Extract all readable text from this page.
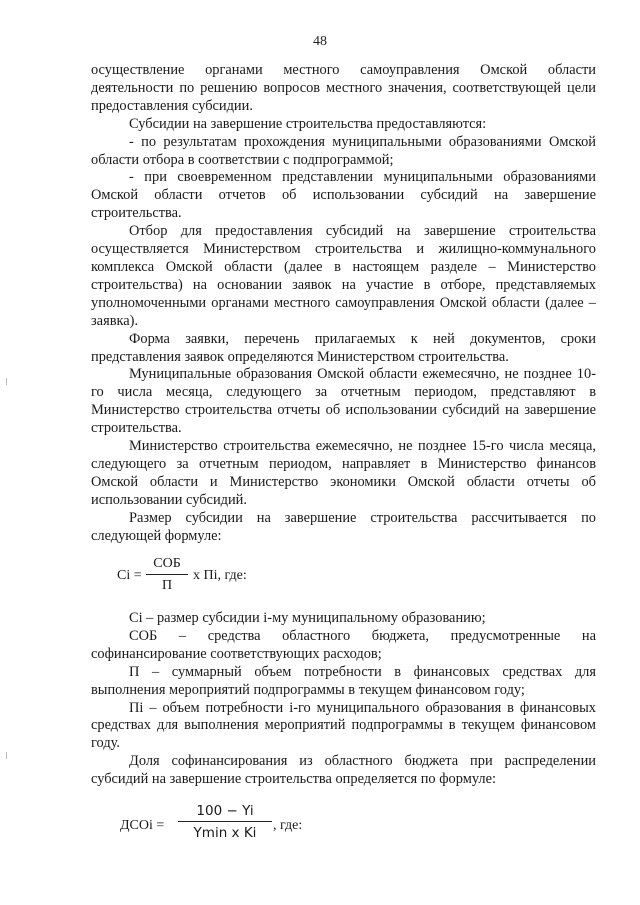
48

осуществление органами местного самоуправления Омской области деятельности по решению вопросов местного значения, соответствующей цели предоставления субсидии.

Субсидии на завершение строительства предоставляются:

- по результатам прохождения муниципальными образованиями Омской области отбора в соответствии с подпрограммой;

- при своевременном представлении муниципальными образованиями Омской области отчетов об использовании субсидий на завершение строительства.

Отбор для предоставления субсидий на завершение строительства осуществляется Министерством строительства и жилищно-коммунального комплекса Омской области (далее в настоящем разделе – Министерство строительства) на основании заявок на участие в отборе, представляемых уполномоченными органами местного самоуправления Омской области (далее – заявка).

Форма заявки, перечень прилагаемых к ней документов, сроки представления заявок определяются Министерством строительства.

Муниципальные образования Омской области ежемесячно, не позднее 10-го числа месяца, следующего за отчетным периодом, представляют в Министерство строительства отчеты об использовании субсидий на завершение строительства.

Министерство строительства ежемесячно, не позднее 15-го числа месяца, следующего за отчетным периодом, направляет в Министерство финансов Омской области и Министерство экономики Омской области отчеты об использовании субсидий.

Размер субсидии на завершение строительства рассчитывается по следующей формуле:

Ci =
СОБ
П
x Пi, где:

Ci – размер субсидии i-му муниципальному образованию;

СОБ – средства областного бюджета, предусмотренные на софинансирование соответствующих расходов;

П – суммарный объем потребности в финансовых средствах для выполнения мероприятий подпрограммы в текущем финансовом году;

Пi – объем потребности i-го муниципального образования в финансовых средствах для выполнения мероприятий подпрограммы в текущем финансовом году.

Доля софинансирования из областного бюджета при распределении субсидий на завершение строительства определяется по формуле:

ДСОi =
100 − Yi
Ymin x Ki	, где:
